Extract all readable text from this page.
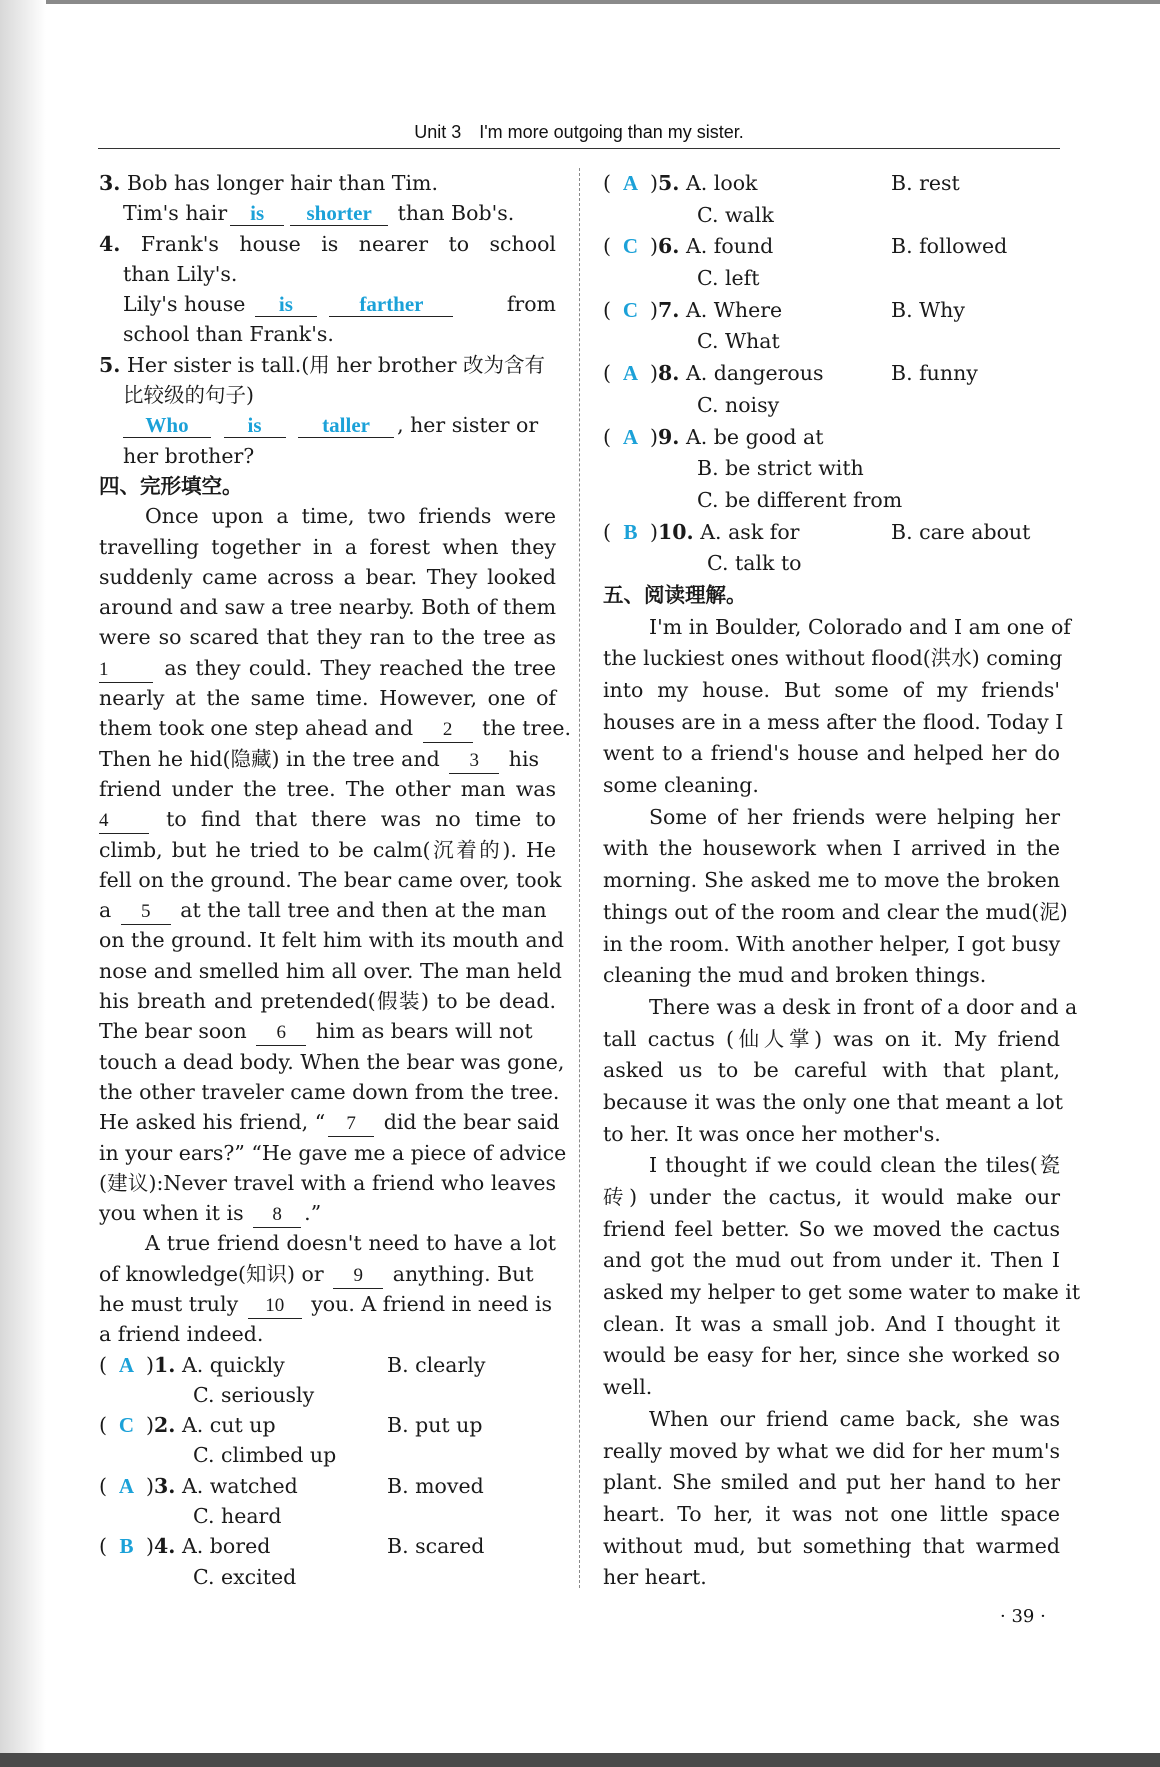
Unit 3　I'm more outgoing than my sister.
3. Bob has longer hair than Tim.
Tim's hair is shorter than Bob's.
4. Frank's house is nearer to school
than Lily's.
Lily's house is	farther	from
school than Frank's.
5. Her sister is tall.(用 her brother 改为含有
比较级的句子)
Who	is	taller , her sister or
her brother?
四、完形填空。
Once upon a time, two friends were
travelling together in a forest when they
suddenly came across a bear. They looked
around and saw a tree nearby. Both of them
were so scared that they ran to the tree as
1	as they could. They reached the tree
nearly at the same time. However, one of
them took one step ahead and 2 the tree.
Then he hid(隐藏) in the tree and 3 his
friend under the tree. The other man was
4	to find that there was no time to
climb, but he tried to be calm(沉着的). He
fell on the ground. The bear came over, took
a 5 at the tall tree and then at the man
on the ground. It felt him with its mouth and
nose and smelled him all over. The man held
his breath and pretended(假装) to be dead.
The bear soon 6 him as bears will not
touch a dead body. When the bear was gone,
the other traveler came down from the tree.
He asked his friend, “ 7 did the bear said
in your ears?” “He gave me a piece of advice
(建议):Never travel with a friend who leaves
you when it is 8 .”
A true friend doesn't need to have a lot
of knowledge(知识) or 9 anything. But
he must truly 10 you. A friend in need is
a friend indeed.
( A )1. A. quickly	B. clearly
C. seriously
( C )2. A. cut up	B. put up
C. climbed up
( A )3. A. watched	B. moved
C. heard
( B )4. A. bored	B. scared
C. excited
( A )5. A. look	B. rest
C. walk
( C )6. A. found	B. followed
C. left
( C )7. A. Where	B. Why
C. What
( A )8. A. dangerous	B. funny
C. noisy
( A )9. A. be good at
B. be strict with
C. be different from
( B )10. A. ask for	B. care about
C. talk to
五、阅读理解。
I'm in Boulder, Colorado and I am one of
the luckiest ones without flood(洪水) coming
into my house. But some of my friends'
houses are in a mess after the flood. Today I
went to a friend's house and helped her do
some cleaning.
Some of her friends were helping her
with the housework when I arrived in the
morning. She asked me to move the broken
things out of the room and clear the mud(泥)
in the room. With another helper, I got busy
cleaning the mud and broken things.
There was a desk in front of a door and a
tall cactus (仙人掌) was on it. My friend
asked us to be careful with that plant,
because it was the only one that meant a lot
to her. It was once her mother's.
I thought if we could clean the tiles(瓷
砖) under the cactus, it would make our
friend feel better. So we moved the cactus
and got the mud out from under it. Then I
asked my helper to get some water to make it
clean. It was a small job. And I thought it
would be easy for her, since she worked so
well.
When our friend came back, she was
really moved by what we did for her mum's
plant. She smiled and put her hand to her
heart. To her, it was not one little space
without mud, but something that warmed
her heart.
· 39 ·
